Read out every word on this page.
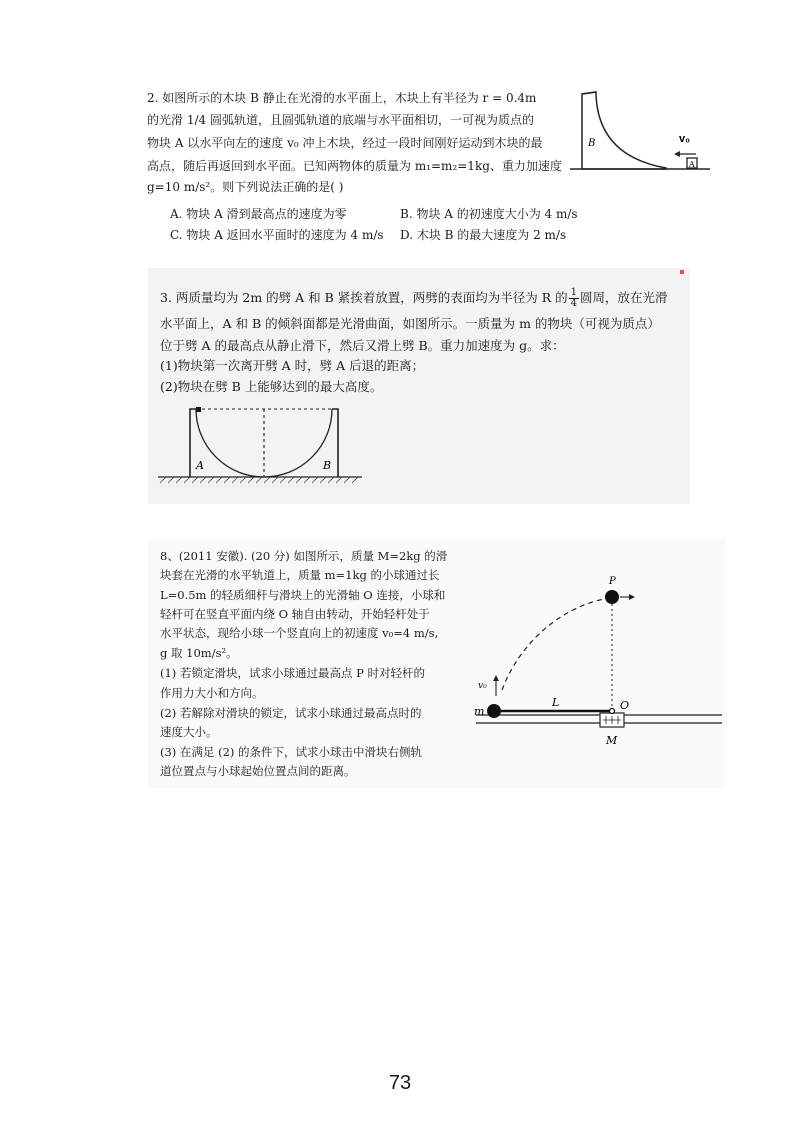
2. 如图所示的木块 B 静止在光滑的水平面上，木块上有半径为 r = 0.4m

的光滑 1/4 圆弧轨道，且圆弧轨道的底端与水平面相切，一可视为质点的

物块 A 以水平向左的速度 v₀ 冲上木块，经过一段时间刚好运动到木块的最

高点，随后再返回到水平面。已知两物体的质量为 m₁=m₂=1kg、重力加速度

g=10 m/s²。则下列说法正确的是( )

A. 物块 A 滑到最高点的速度为零	B. 物块 A 的初速度大小为 4 m/s
C. 物块 A 返回水平面时的速度为 4 m/s D. 木块 B 的最大速度为 2 m/s
B	v₀
A

3. 两质量均为 2m 的劈 A 和 B 紧挨着放置，两劈的表面均为半径为 R 的 $\frac{1}{4}$ 圆周，放在光滑

水平面上，A 和 B 的倾斜面都是光滑曲面，如图所示。一质量为 m 的物块（可视为质点）

位于劈 A 的最高点从静止滑下，然后又滑上劈 B。重力加速度为 g。求：

(1)物块第一次离开劈 A 时，劈 A 后退的距离；

(2)物块在劈 B 上能够达到的最大高度。

A	B

8、(2011 安徽). (20 分) 如图所示，质量 M=2kg 的滑

块套在光滑的水平轨道上，质量 m=1kg 的小球通过长

L=0.5m 的轻质细杆与滑块上的光滑轴 O 连接，小球和

轻杆可在竖直平面内绕 O 轴自由转动，开始轻杆处于

水平状态，现给小球一个竖直向上的初速度 v₀=4 m/s,

g 取 10m/s²。

(1) 若锁定滑块，试求小球通过最高点 P 时对轻杆的

作用力大小和方向。

(2) 若解除对滑块的锁定，试求小球通过最高点时的

速度大小。

(3) 在满足 (2) 的条件下，试求小球击中滑块右侧轨

道位置点与小球起始位置点间的距离。

M
O
L
m
v₀
P
73
